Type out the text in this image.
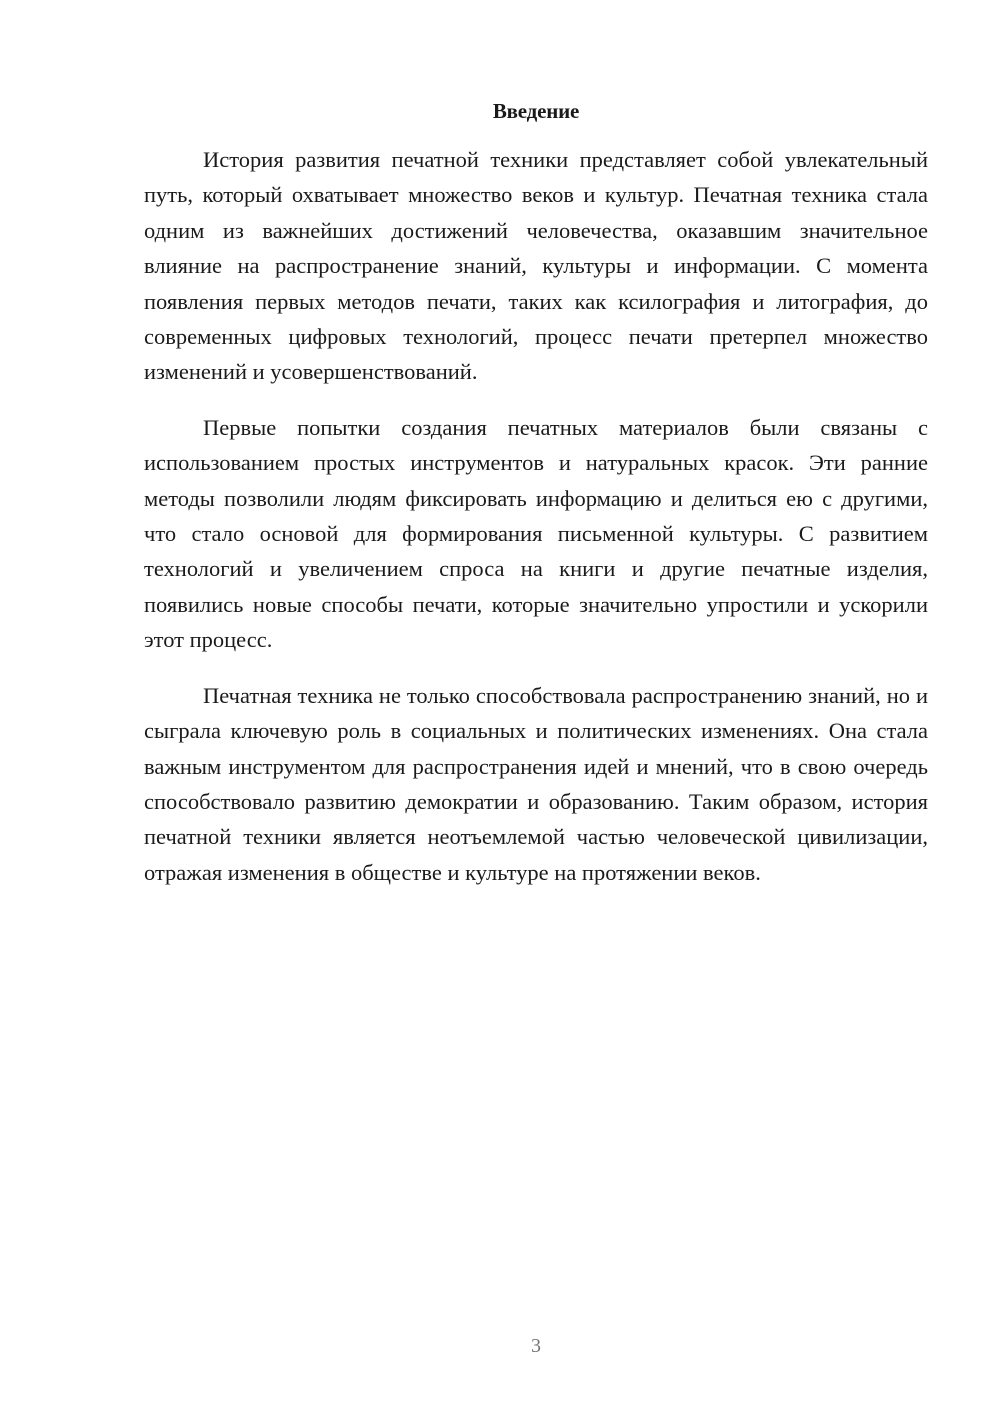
Введение

История развития печатной техники представляет собой увлекательный путь, который охватывает множество веков и культур. Печатная техника стала одним из важнейших достижений человечества, оказавшим значительное влияние на распространение знаний, культуры и информации. С момента появления первых методов печати, таких как ксилография и литография, до современных цифровых технологий, процесс печати претерпел множество изменений и усовершенствований.

Первые попытки создания печатных материалов были связаны с использованием простых инструментов и натуральных красок. Эти ранние методы позволили людям фиксировать информацию и делиться ею с другими, что стало основой для формирования письменной культуры. С развитием технологий и увеличением спроса на книги и другие печатные изделия, появились новые способы печати, которые значительно упростили и ускорили этот процесс.

Печатная техника не только способствовала распространению знаний, но и сыграла ключевую роль в социальных и политических изменениях. Она стала важным инструментом для распространения идей и мнений, что в свою очередь способствовало развитию демократии и образованию. Таким образом, история печатной техники является неотъемлемой частью человеческой цивилизации, отражая изменения в обществе и культуре на протяжении веков.

3
